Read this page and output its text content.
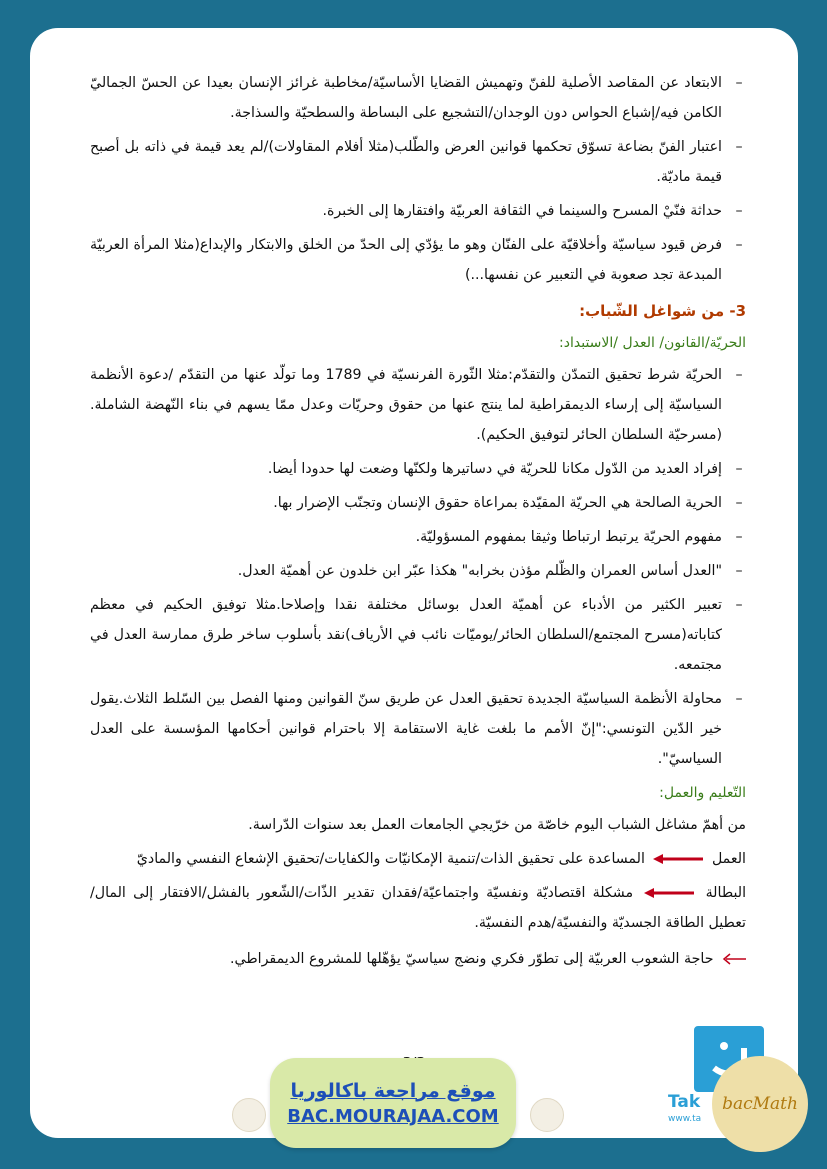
–
الابتعاد عن المقاصد الأصلية للفنّ وتهميش القضايا الأساسيّة/مخاطبة غرائز الإنسان بعيدا عن الحسّ الجماليّ الكامن فيه/إشباع الحواس دون الوجدان/التشجيع على البساطة والسطحيّة والسذاجة.
–
اعتبار الفنّ بضاعة تسوّق تحكمها قوانين العرض والطّلب(مثلا أفلام المقاولات)/لم يعد قيمة في ذاته بل أصبح قيمة ماديّة.
–
حداثة فنّيْ المسرح والسينما في الثقافة العربيّة وافتقارها إلى الخبرة.
–
فرض قيود سياسيّة وأخلاقيّة على الفنّان وهو ما يؤدّي إلى الحدّ من الخلق والابتكار والإبداع(مثلا المرأة العربيّة المبدعة تجد صعوبة في التعبير عن نفسها...)
3- من شواغل الشّباب:
الحريّة/القانون/ العدل /الاستبداد:
–
الحريّة شرط تحقيق التمدّن والتقدّم:مثلا الثّورة الفرنسيّة في 1789 وما تولّد عنها من التقدّم /دعوة الأنظمة السياسيّة إلى إرساء الديمقراطية لما ينتج عنها من حقوق وحريّات وعدل ممّا يسهم في بناء النّهضة الشاملة.(مسرحيّة السلطان الحائر لتوفيق الحكيم).
–
إفراد العديد من الدّول مكانا للحريّة في دساتيرها ولكنّها وضعت لها حدودا أيضا.
–
الحرية الصالحة هي الحريّة المقيّدة بمراعاة حقوق الإنسان وتجنّب الإضرار بها.
–
مفهوم الحريّة يرتبط ارتباطا وثيقا بمفهوم المسؤوليّة.
–
"العدل أساس العمران والظّلم مؤذن بخرابه" هكذا عبّر ابن خلدون عن أهميّة العدل.
–
تعبير الكثير من الأدباء عن أهميّة العدل بوسائل مختلفة نقدا وإصلاحا.مثلا توفيق الحكيم في معظم كتاباته(مسرح المجتمع/السلطان الحائر/يوميّات نائب في الأرياف)نقد بأسلوب ساخر طرق ممارسة العدل في مجتمعه.
–
محاولة الأنظمة السياسيّة الجديدة تحقيق العدل عن طريق سنّ القوانين ومنها الفصل بين السّلط الثلاث.يقول خير الدّين التونسي:"إنّ الأمم ما بلغت غاية الاستقامة إلا باحترام قوانين أحكامها المؤسسة على العدل السياسيّ".
التّعليم والعمل:
من أهمّ مشاغل الشباب اليوم خاصّة من خرّيجي الجامعات العمل بعد سنوات الدّراسة.
العمل  المساعدة على تحقيق الذات/تنمية الإمكانيّات والكفايات/تحقيق الإشعاع النفسي والماديّ
البطالة  مشكلة اقتصاديّة ونفسيّة واجتماعيّة/فقدان تقدير الذّات/الشّعور بالفشل/الافتقار إلى المال/تعطيل الطاقة الجسديّة والنفسيّة/هدم النفسيّة.
حاجة الشعوب العربيّة إلى تطوّر فكري ونضج سياسيّ يؤهّلها للمشروع الديمقراطي.
موقع مراجعة باكالوريا
BAC.MOURAJAA.COM
Tak
www.ta
bacMath
